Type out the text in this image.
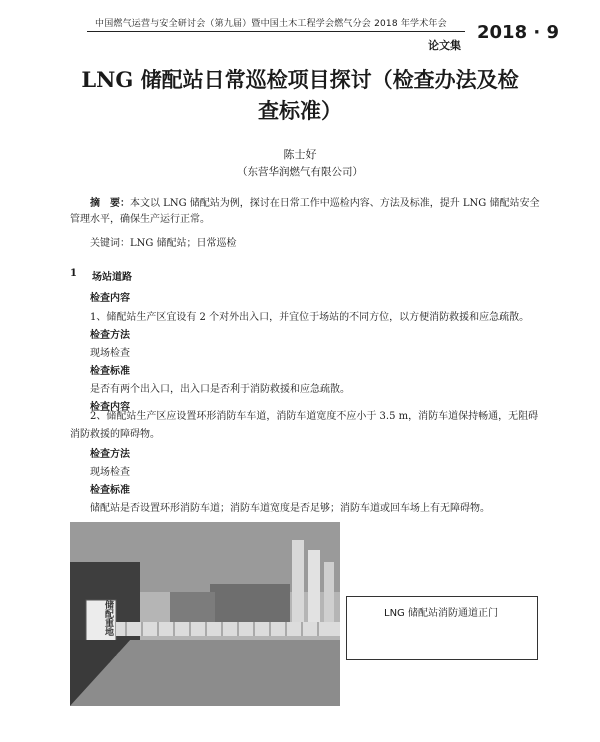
中国燃气运营与安全研讨会（第九届）暨中国土木工程学会燃气分会 2018 年学术年会 2018 · 9
论文集
LNG 储配站日常巡检项目探讨（检查办法及检
查标准）
陈士好
（东营华润燃气有限公司）
摘　要：本文以 LNG 储配站为例，探讨在日常工作中巡检内容、方法及标准，提升 LNG 储配站安全管理水平，确保生产运行正常。
关键词：LNG 储配站；日常巡检
1 场站道路
检查内容
1、储配站生产区宜设有 2 个对外出入口，并宜位于场站的不同方位，以方便消防救援和应急疏散。
检查方法
现场检查
检查标准
是否有两个出入口，出入口是否利于消防救援和应急疏散。
检查内容
2、储配站生产区应设置环形消防车车道，消防车道宽度不应小于 3.5 m，消防车道保持畅通，无阻碍消防救援的障碍物。
检查方法
现场检查
检查标准
储配站是否设置环形消防车道；消防车道宽度是否足够；消防车道或回车场上有无障碍物。
储配重地	LNG 储配站消防通道正门
